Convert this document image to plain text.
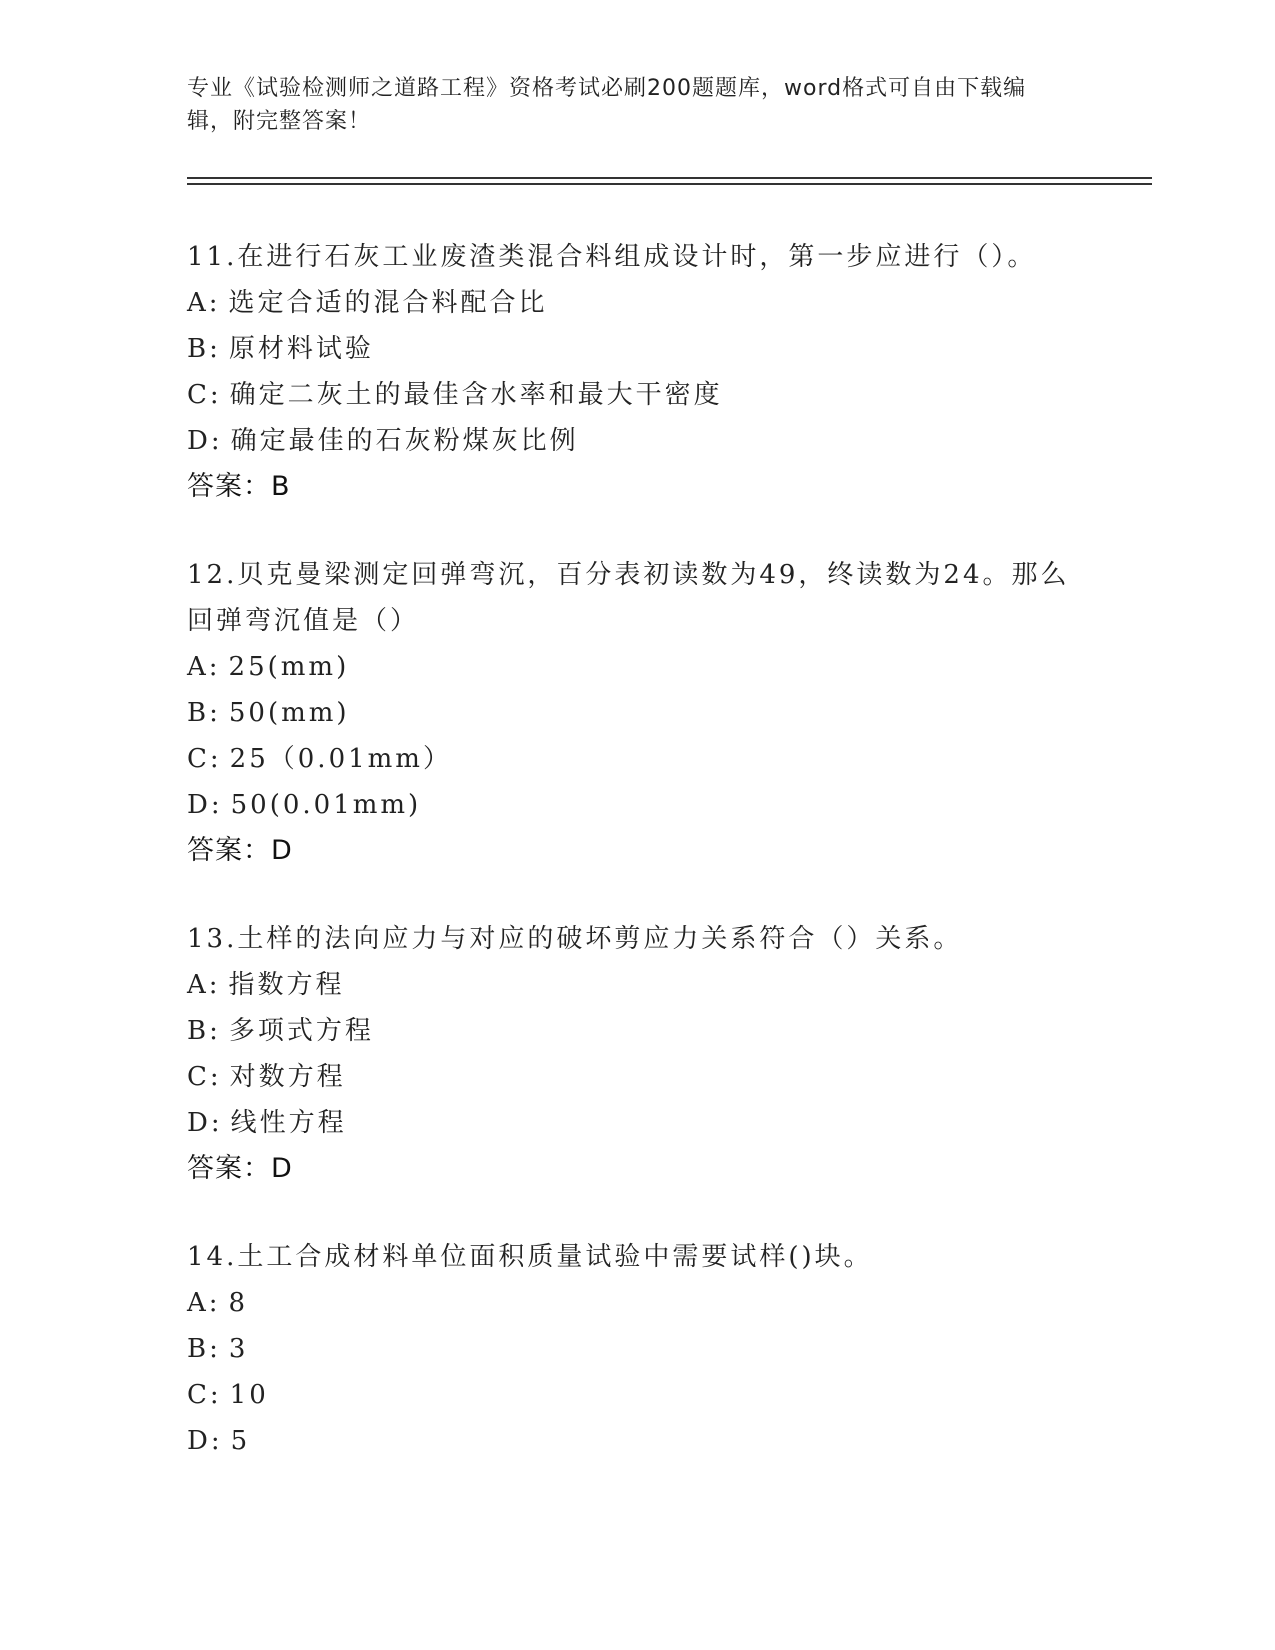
专业《试验检测师之道路工程》资格考试必刷200题题库，word格式可自由下载编辑，附完整答案！

11.在进行石灰工业废渣类混合料组成设计时，第一步应进行（）。

A: 选定合适的混合料配合比

B: 原材料试验

C: 确定二灰土的最佳含水率和最大干密度

D: 确定最佳的石灰粉煤灰比例

答案：B

12.贝克曼梁测定回弹弯沉，百分表初读数为49，终读数为24。那么回弹弯沉值是（）

A: 25(mm)

B: 50(mm)

C: 25（0.01mm）

D: 50(0.01mm)

答案：D

13.土样的法向应力与对应的破坏剪应力关系符合（）关系。

A: 指数方程

B: 多项式方程

C: 对数方程

D: 线性方程

答案：D

14.土工合成材料单位面积质量试验中需要试样()块。

A: 8

B: 3

C: 10

D: 5
